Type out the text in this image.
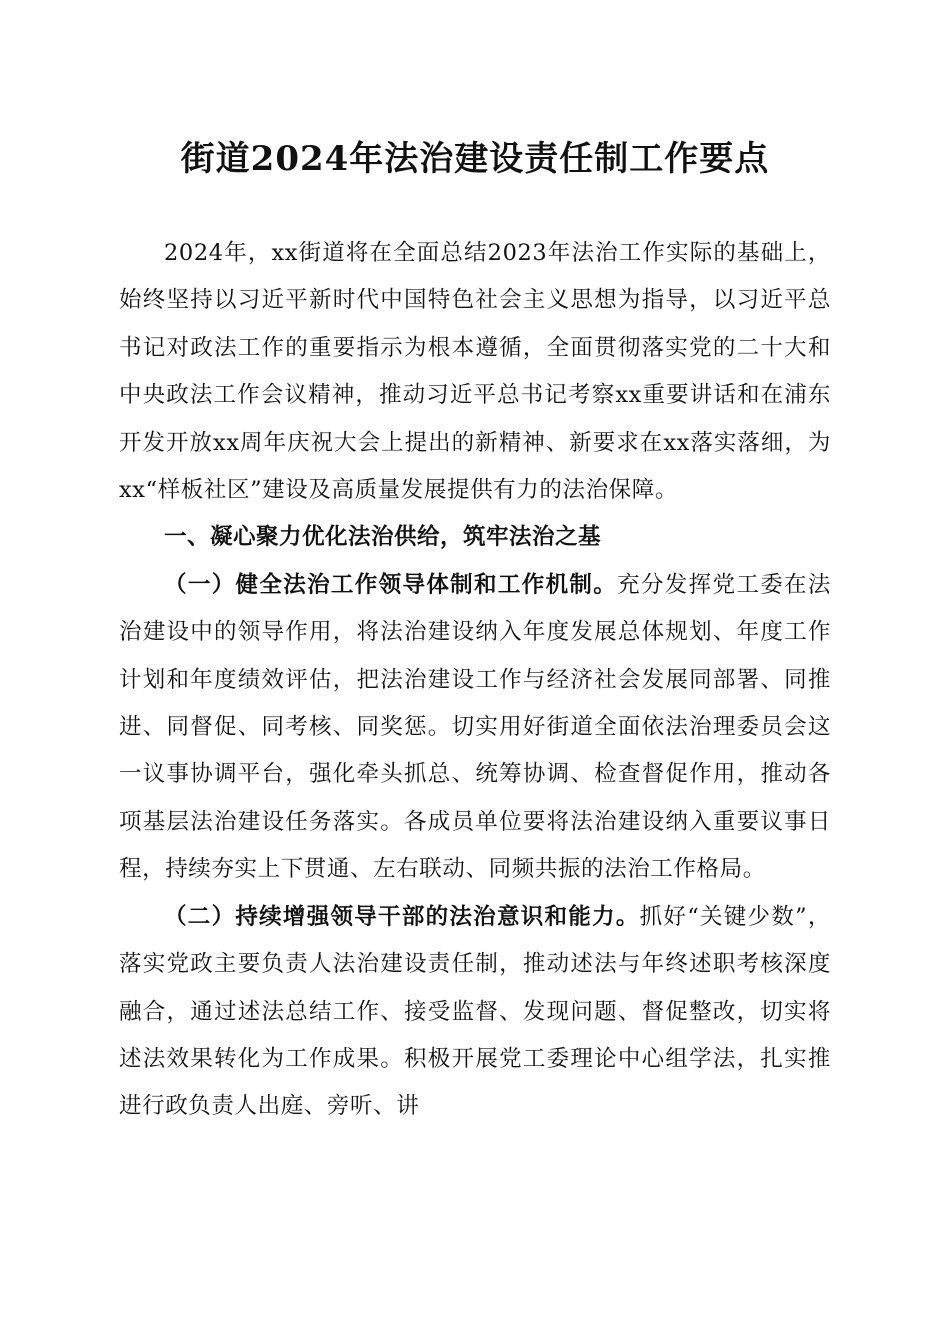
街道2024年法治建设责任制工作要点

2024年，xx街道将在全面总结2023年法治工作实际的基础上，始终坚持以习近平新时代中国特色社会主义思想为指导，以习近平总书记对政法工作的重要指示为根本遵循，全面贯彻落实党的二十大和中央政法工作会议精神，推动习近平总书记考察xx重要讲话和在浦东开发开放xx周年庆祝大会上提出的新精神、新要求在xx落实落细，为xx“样板社区”建设及高质量发展提供有力的法治保障。

一、凝心聚力优化法治供给，筑牢法治之基

（一）健全法治工作领导体制和工作机制。充分发挥党工委在法治建设中的领导作用，将法治建设纳入年度发展总体规划、年度工作计划和年度绩效评估，把法治建设工作与经济社会发展同部署、同推进、同督促、同考核、同奖惩。切实用好街道全面依法治理委员会这一议事协调平台，强化牵头抓总、统筹协调、检查督促作用，推动各项基层法治建设任务落实。各成员单位要将法治建设纳入重要议事日程，持续夯实上下贯通、左右联动、同频共振的法治工作格局。

（二）持续增强领导干部的法治意识和能力。抓好“关键少数”，落实党政主要负责人法治建设责任制，推动述法与年终述职考核深度融合，通过述法总结工作、接受监督、发现问题、督促整改，切实将述法效果转化为工作成果。积极开展党工委理论中心组学法，扎实推进行政负责人出庭、旁听、讲
